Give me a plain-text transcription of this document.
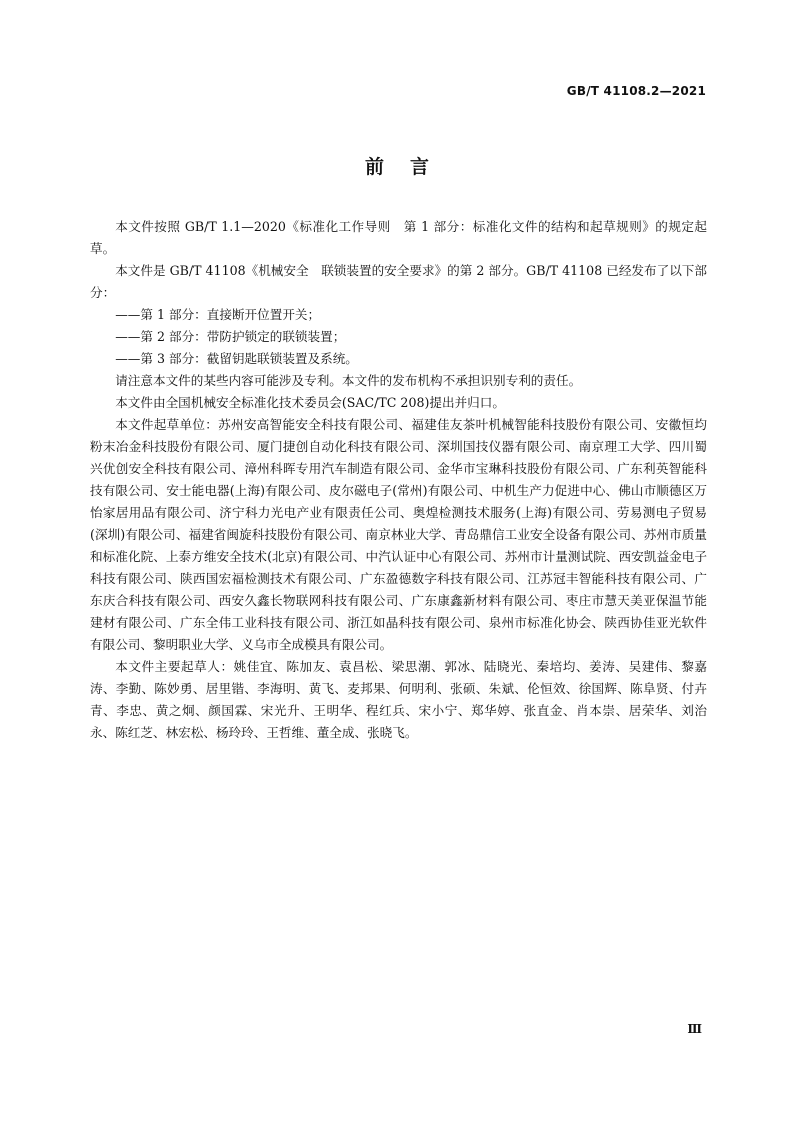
GB/T 41108.2—2021
前言

本文件按照 GB/T 1.1—2020《标准化工作导则　第 1 部分：标准化文件的结构和起草规则》的规定起草。

本文件是 GB/T 41108《机械安全　联锁装置的安全要求》的第 2 部分。GB/T 41108 已经发布了以下部分：

——第 1 部分：直接断开位置开关；

——第 2 部分：带防护锁定的联锁装置；

——第 3 部分：截留钥匙联锁装置及系统。

请注意本文件的某些内容可能涉及专利。本文件的发布机构不承担识别专利的责任。

本文件由全国机械安全标准化技术委员会(SAC/TC 208)提出并归口。

本文件起草单位：苏州安高智能安全科技有限公司、福建佳友茶叶机械智能科技股份有限公司、安徽恒均粉末冶金科技股份有限公司、厦门捷创自动化科技有限公司、深圳国技仪器有限公司、南京理工大学、四川蜀兴优创安全科技有限公司、漳州科晖专用汽车制造有限公司、金华市宝琳科技股份有限公司、广东利英智能科技有限公司、安士能电器(上海)有限公司、皮尔磁电子(常州)有限公司、中机生产力促进中心、佛山市顺德区万怡家居用品有限公司、济宁科力光电产业有限责任公司、奥煌检测技术服务(上海)有限公司、劳易测电子贸易(深圳)有限公司、福建省闽旋科技股份有限公司、南京林业大学、青岛鼎信工业安全设备有限公司、苏州市质量和标准化院、上泰方维安全技术(北京)有限公司、中汽认证中心有限公司、苏州市计量测试院、西安凯益金电子科技有限公司、陕西国宏福检测技术有限公司、广东盈德数字科技有限公司、江苏冠丰智能科技有限公司、广东庆合科技有限公司、西安久鑫长物联网科技有限公司、广东康鑫新材料有限公司、枣庄市慧天美亚保温节能建材有限公司、广东全伟工业科技有限公司、浙江如晶科技有限公司、泉州市标准化协会、陕西协佳亚光软件有限公司、黎明职业大学、义乌市全成模具有限公司。

本文件主要起草人：姚佳宜、陈加友、袁昌松、梁思潮、郭冰、陆晓光、秦培均、姜涛、吴建伟、黎嘉涛、李勤、陈妙勇、居里锴、李海明、黄飞、麦邦果、何明利、张硕、朱斌、伦恒效、徐国辉、陈阜贤、付卉青、李忠、黄之炯、颜国霖、宋光升、王明华、程红兵、宋小宁、郑华婷、张直金、肖本崇、居荣华、刘治永、陈红芝、林宏松、杨玲玲、王哲维、董全成、张晓飞。

Ⅲ
